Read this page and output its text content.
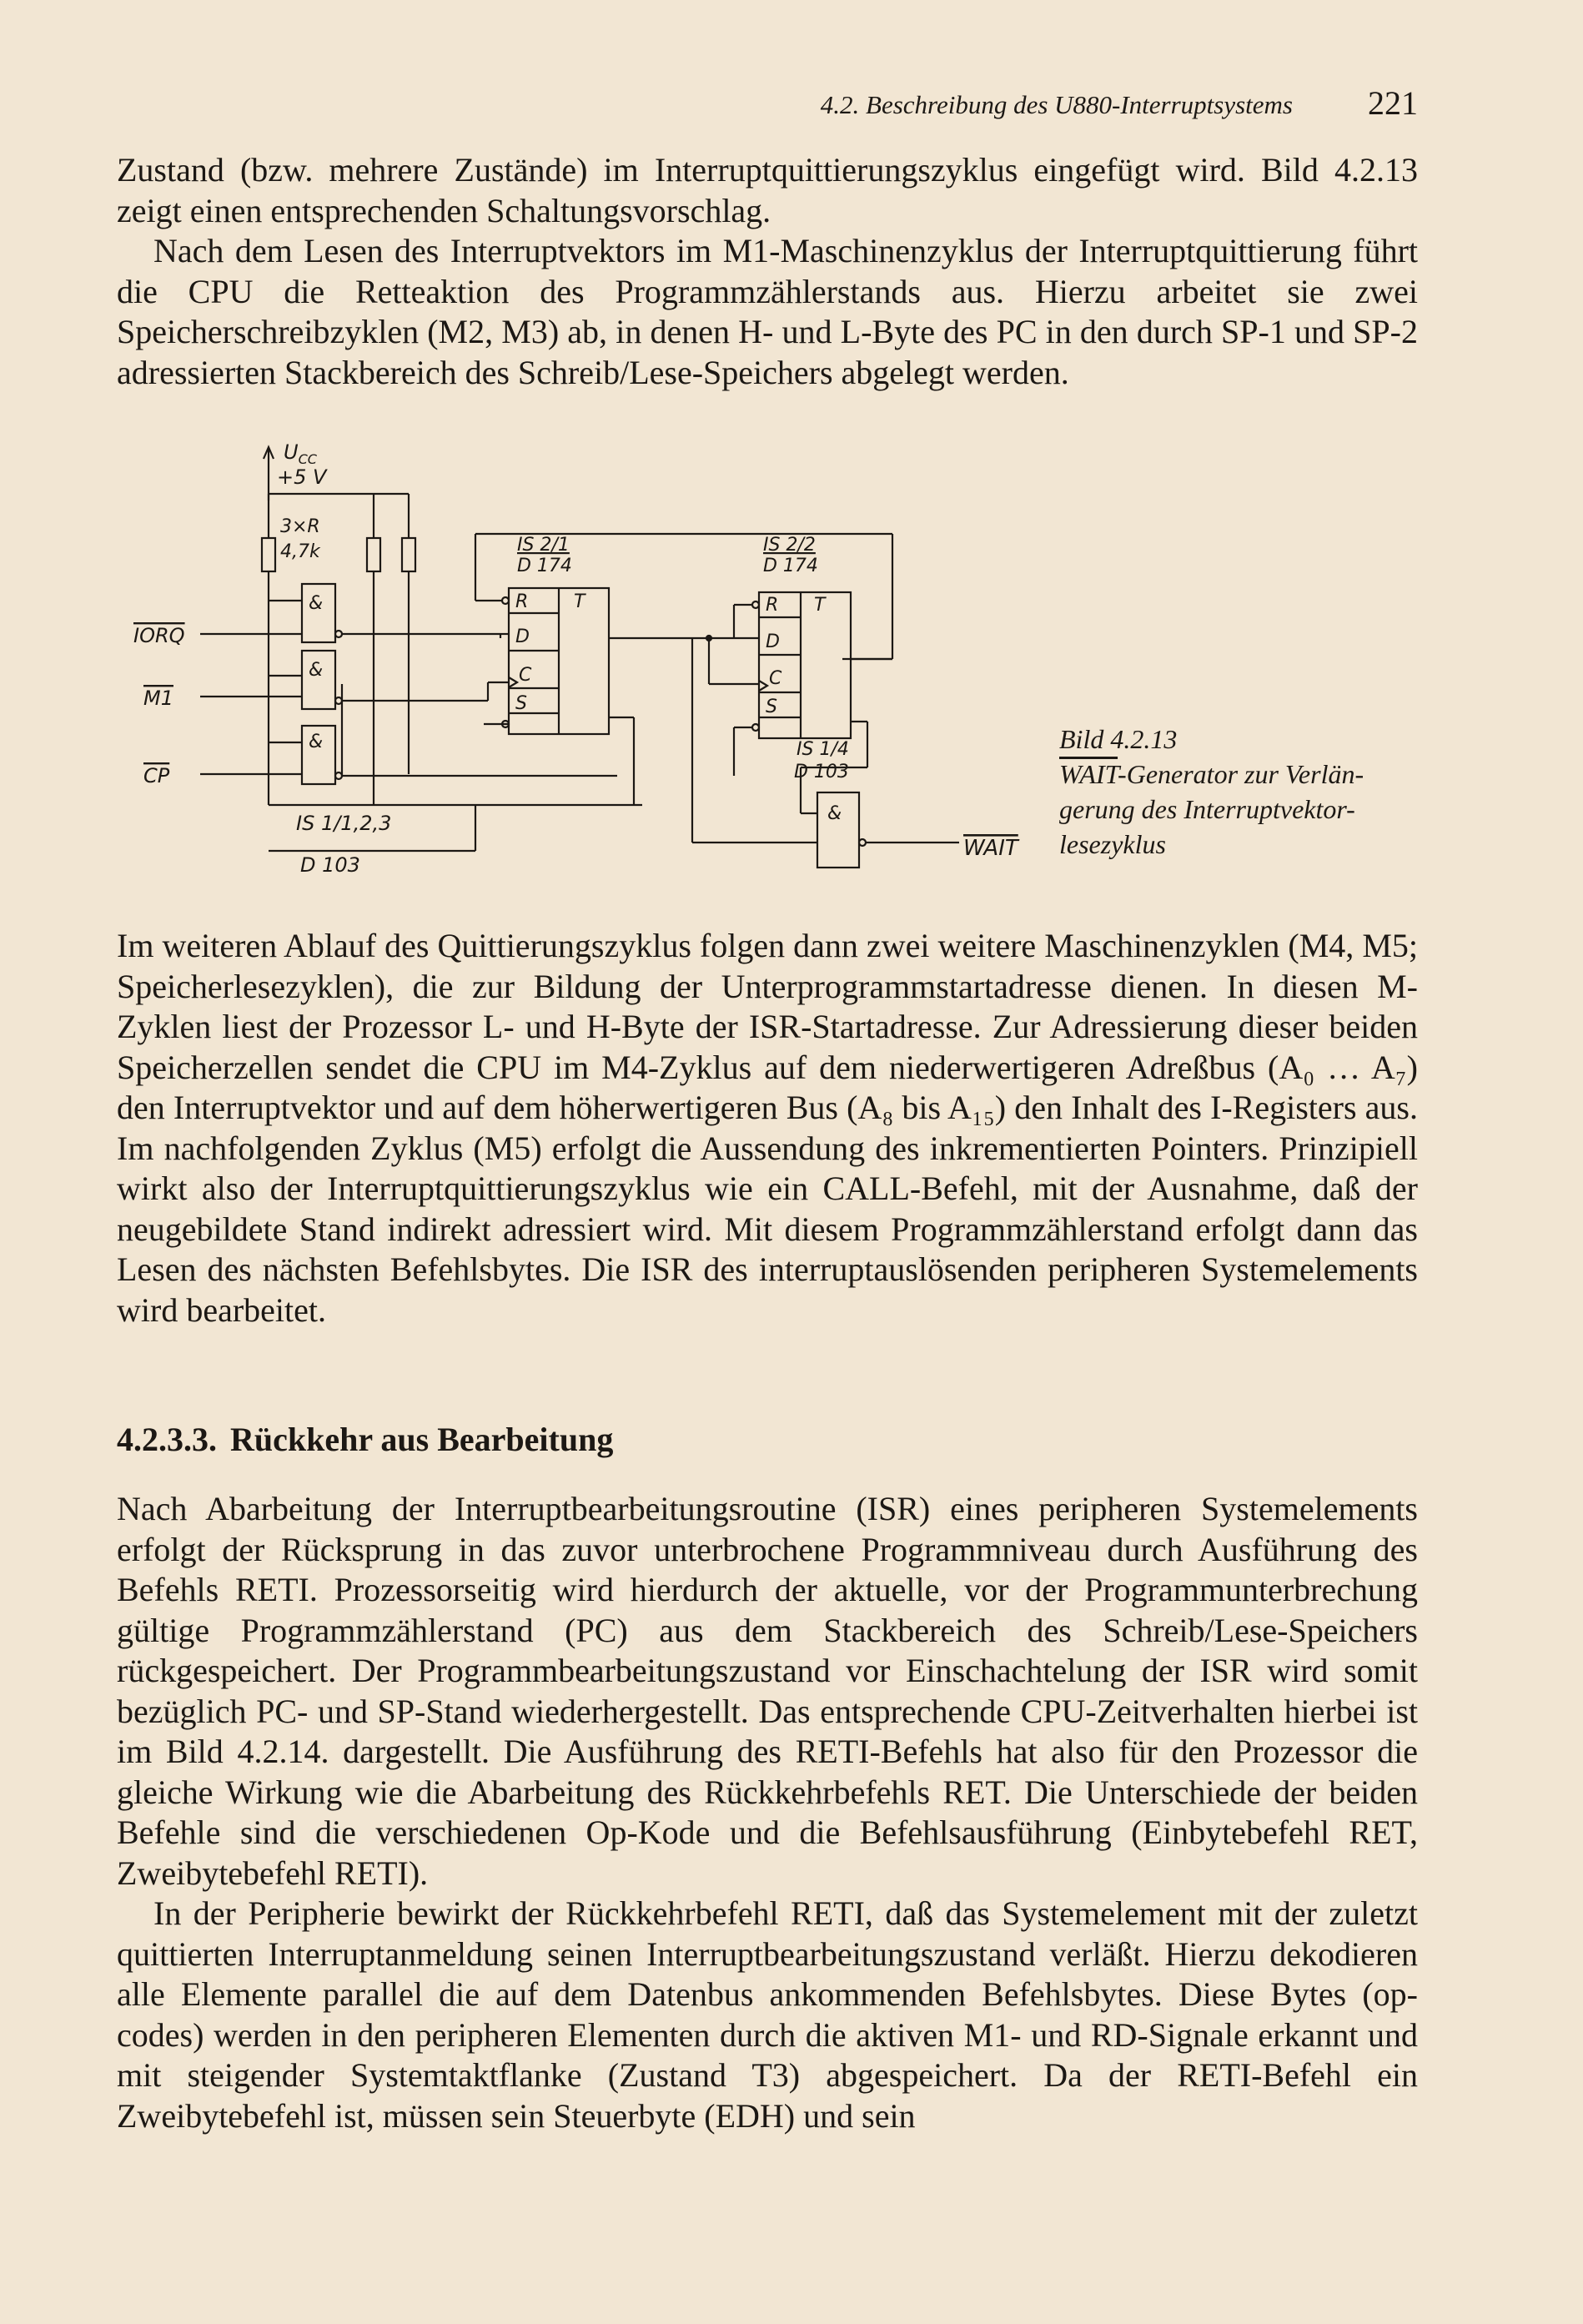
4.2. Beschreibung des U880-Interruptsystems 221

Zustand (bzw. mehrere Zustände) im Interruptquittierungszyklus eingefügt wird. Bild 4.2.13 zeigt einen entsprechenden Schaltungsvorschlag.

Nach dem Lesen des Interruptvektors im M1-Maschinenzyklus der Interruptquittierung führt die CPU die Retteaktion des Programmzählerstands aus. Hierzu arbeitet sie zwei Speicherschreibzyklen (M2, M3) ab, in denen H- und L-Byte des PC in den durch SP-1 und SP-2 adressierten Stackbereich des Schreib/Lese-Speichers abgelegt werden.

$U_{CC}$
+5 V
3×R
4,7k
IORQ
M1
CP
&
&
&
IS 1/1,2,3
D 103
IS 2/1
D 174
R T
D
C
S
IS 2/2
D 174
R T
D
C
S
IS 1/4
D 103
&
WAIT
Bild 4.2.13
WAIT-Generator zur Verlän-
gerung des Interruptvektor-
lesezyklus

Im weiteren Ablauf des Quittierungszyklus folgen dann zwei weitere Maschinenzyklen (M4, M5; Speicherlesezyklen), die zur Bildung der Unterprogrammstartadresse dienen. In diesen M-Zyklen liest der Prozessor L- und H-Byte der ISR-Startadresse. Zur Adressierung dieser beiden Speicherzellen sendet die CPU im M4-Zyklus auf dem niederwertigeren Adreßbus (A₀ … A₇) den Interruptvektor und auf dem höherwertigeren Bus (A₈ bis A₁₅) den Inhalt des I-Registers aus. Im nachfolgenden Zyklus (M5) erfolgt die Aussendung des inkrementierten Pointers. Prinzipiell wirkt also der Interruptquittierungszyklus wie ein CALL-Befehl, mit der Ausnahme, daß der neugebildete Stand indirekt adressiert wird. Mit diesem Programmzählerstand erfolgt dann das Lesen des nächsten Befehlsbytes. Die ISR des interruptauslösenden peripheren Systemelements wird bearbeitet.

4.2.3.3. Rückkehr aus Bearbeitung

Nach Abarbeitung der Interruptbearbeitungsroutine (ISR) eines peripheren Systemelements erfolgt der Rücksprung in das zuvor unterbrochene Programmniveau durch Ausführung des Befehls RETI. Prozessorseitig wird hierdurch der aktuelle, vor der Programmunterbrechung gültige Programmzählerstand (PC) aus dem Stackbereich des Schreib/Lese-Speichers rückgespeichert. Der Programmbearbeitungszustand vor Einschachtelung der ISR wird somit bezüglich PC- und SP-Stand wiederhergestellt. Das entsprechende CPU-Zeitverhalten hierbei ist im Bild 4.2.14. dargestellt. Die Ausführung des RETI-Befehls hat also für den Prozessor die gleiche Wirkung wie die Abarbeitung des Rückkehrbefehls RET. Die Unterschiede der beiden Befehle sind die verschiedenen Op-Kode und die Befehlsausführung (Einbytebefehl RET, Zweibytebefehl RETI).

In der Peripherie bewirkt der Rückkehrbefehl RETI, daß das Systemelement mit der zuletzt quittierten Interruptanmeldung seinen Interruptbearbeitungszustand verläßt. Hierzu dekodieren alle Elemente parallel die auf dem Datenbus ankommenden Befehlsbytes. Diese Bytes (op-codes) werden in den peripheren Elementen durch die aktiven M1- und RD-Signale erkannt und mit steigender Systemtaktflanke (Zustand T3) abgespeichert. Da der RETI-Befehl ein Zweibytebefehl ist, müssen sein Steuerbyte (EDH) und sein
